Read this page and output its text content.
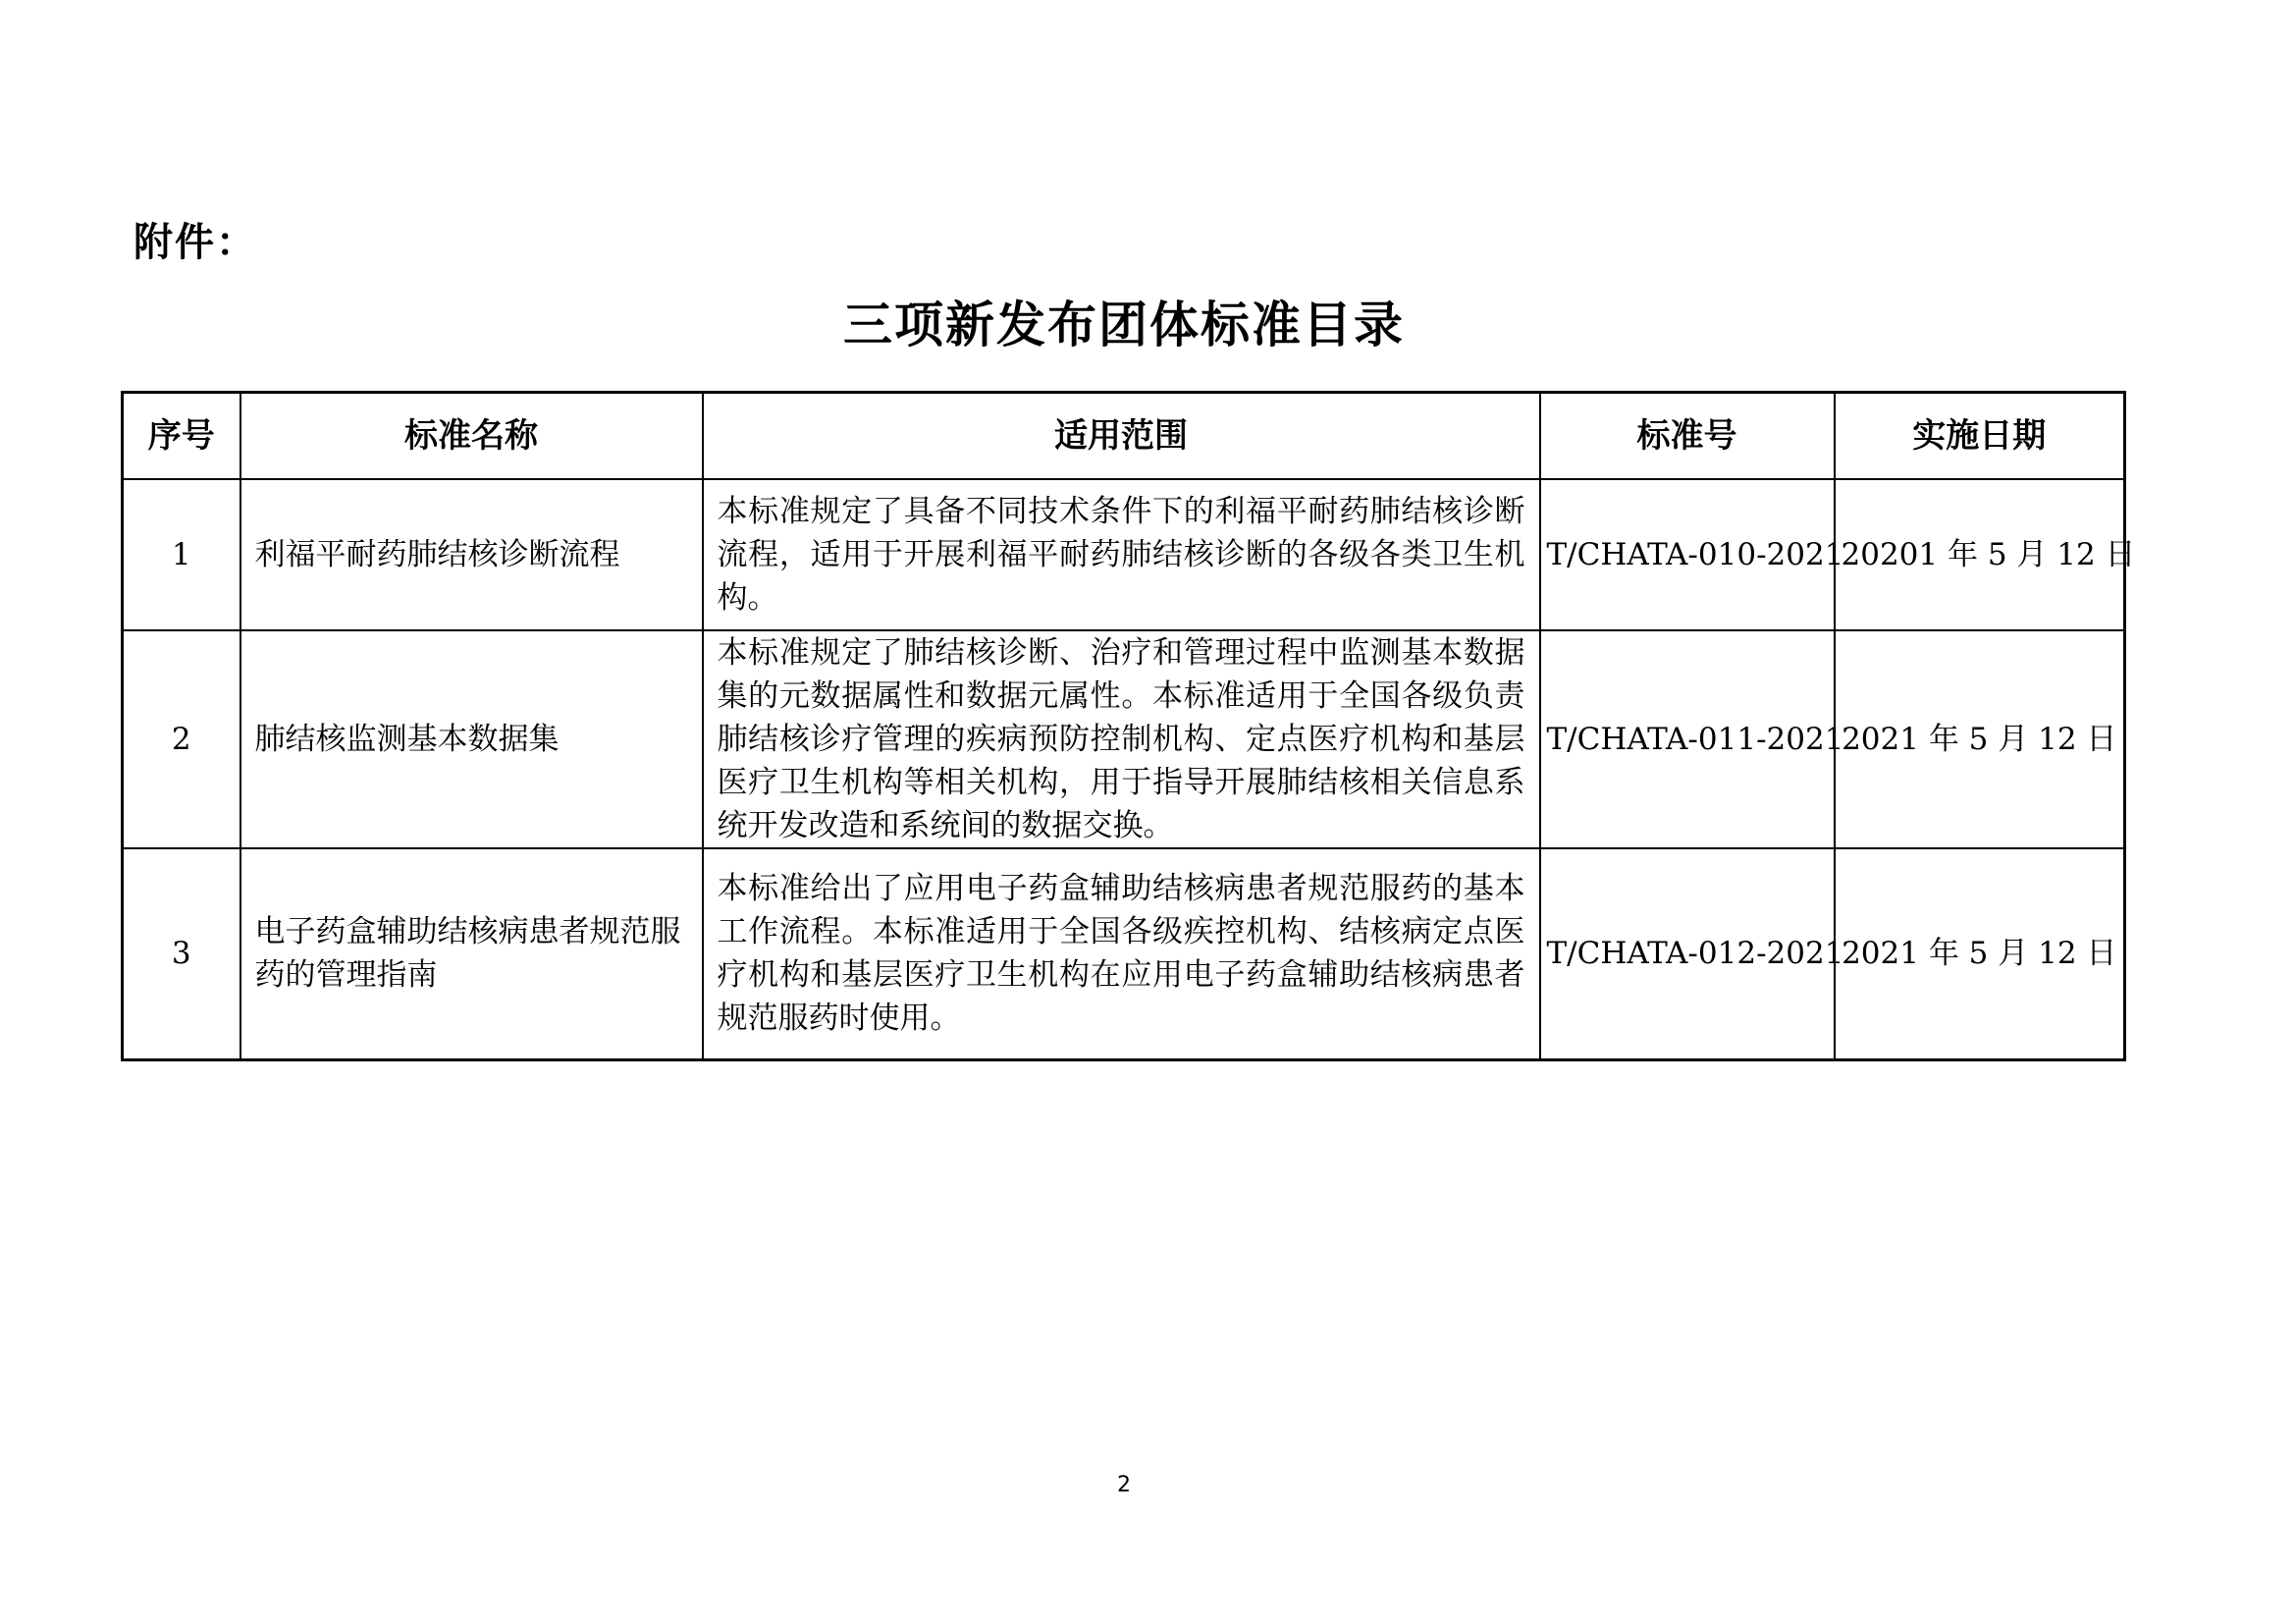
附件：
三项新发布团体标准目录
序号	标准名称	适用范围	标准号	实施日期
1	利福平耐药肺结核诊断流程	本标准规定了具备不同技术条件下的利福平耐药肺结核诊断流程，适用于开展利福平耐药肺结核诊断的各级各类卫生机构。	T/CHATA-010-2021	20201 年 5 月 12 日
2	肺结核监测基本数据集	本标准规定了肺结核诊断、治疗和管理过程中监测基本数据集的元数据属性和数据元属性。本标准适用于全国各级负责肺结核诊疗管理的疾病预防控制机构、定点医疗机构和基层医疗卫生机构等相关机构，用于指导开展肺结核相关信息系统开发改造和系统间的数据交换。	T/CHATA-011-2021	2021 年 5 月 12 日
3	电子药盒辅助结核病患者规范服药的管理指南	本标准给出了应用电子药盒辅助结核病患者规范服药的基本工作流程。本标准适用于全国各级疾控机构、结核病定点医疗机构和基层医疗卫生机构在应用电子药盒辅助结核病患者规范服药时使用。	T/CHATA-012-2021	2021 年 5 月 12 日
2
